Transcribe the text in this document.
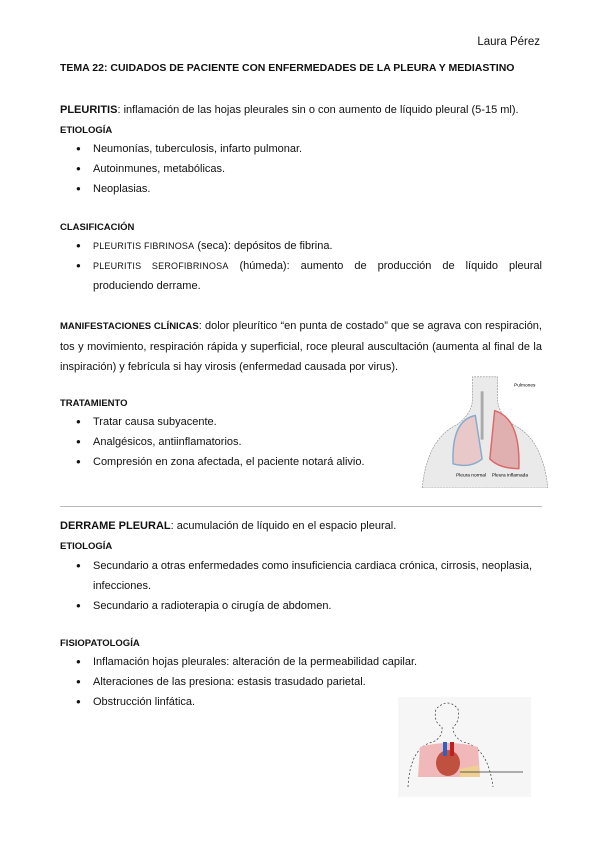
Laura Pérez
TEMA 22: CUIDADOS DE PACIENTE CON ENFERMEDADES DE LA PLEURA Y MEDIASTINO
PLEURITIS: inflamación de las hojas pleurales sin o con aumento de líquido pleural (5-15 ml).
ETIOLOGÍA
● Neumonías, tuberculosis, infarto pulmonar.
● Autoinmunes, metabólicas.
● Neoplasias.
CLASIFICACIÓN
● PLEURITIS FIBRINOSA (seca): depósitos de fibrina.
● PLEURITIS SEROFIBRINOSA (húmeda): aumento de producción de líquido pleural produciendo derrame.
MANIFESTACIONES CLÍNICAS: dolor pleurítico “en punta de costado” que se agrava con respiración, tos y movimiento, respiración rápida y superficial, roce pleural auscultación (aumenta al final de la inspiración) y febrícula si hay virosis (enfermedad causada por virus).
TRATAMIENTO
● Tratar causa subyacente.
● Analgésicos, antiinflamatorios.
● Compresión en zona afectada, el paciente notará alivio.
Pulmones
Pleura normal Pleura inflamada
DERRAME PLEURAL: acumulación de líquido en el espacio pleural.
ETIOLOGÍA
● Secundario a otras enfermedades como insuficiencia cardiaca crónica, cirrosis, neoplasia, infecciones.
● Secundario a radioterapia o cirugía de abdomen.
FISIOPATOLOGÍA
● Inflamación hojas pleurales: alteración de la permeabilidad capilar.
● Alteraciones de las presiona: estasis trasudado parietal.
● Obstrucción linfática.
